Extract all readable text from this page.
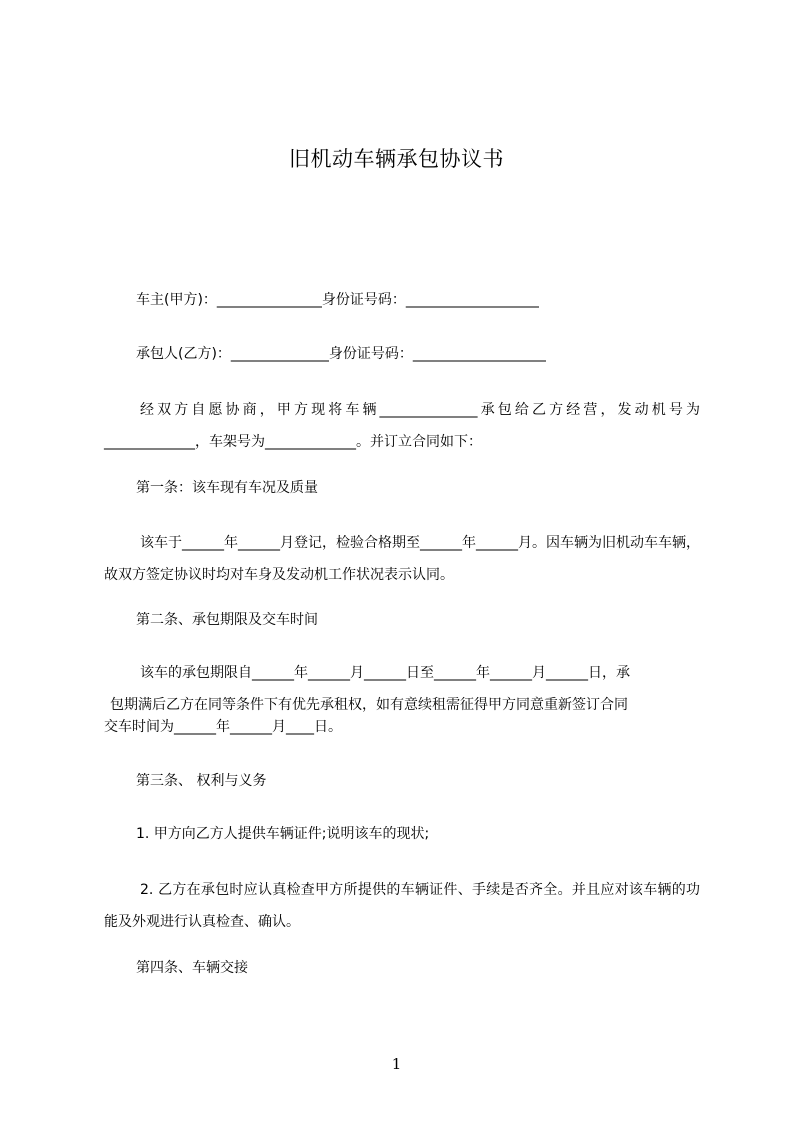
旧机动车辆承包协议书
车主(甲方)：_______________身份证号码：___________________
承包人(乙方)：______________身份证号码：___________________
经双方自愿协商，甲方现将车辆______________承包给乙方经营，发动机号为_____________，车架号为_____________。并订立合同如下：
第一条：该车现有车况及质量
该车于______年______月登记，检验合格期至______年______月。因车辆为旧机动车车辆，故双方签定协议时均对车身及发动机工作状况表示认同。
第二条、承包期限及交车时间
该车的承包期限自______年______月______日至______年______月______日，承
包期满后乙方在同等条件下有优先承租权，如有意续租需征得甲方同意重新签订合同
交车时间为______年______月____日。
第三条、 权利与义务
1. 甲方向乙方人提供车辆证件;说明该车的现状;
2. 乙方在承包时应认真检查甲方所提供的车辆证件、手续是否齐全。并且应对该车辆的功能及外观进行认真检查、确认。
第四条、车辆交接
1
